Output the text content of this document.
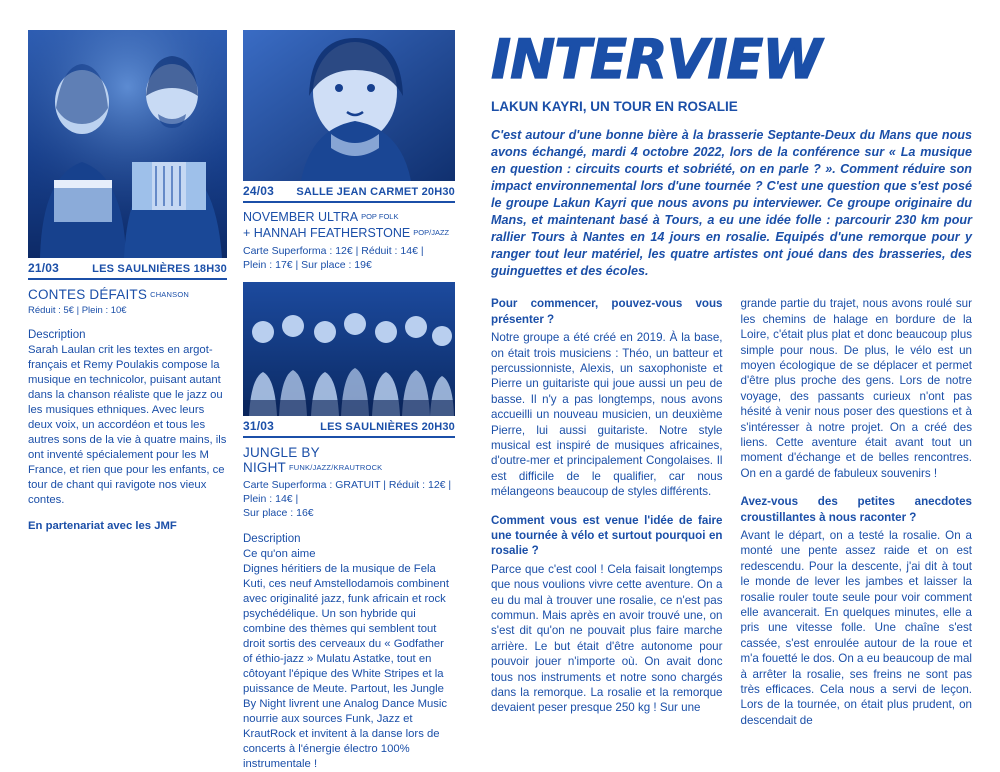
21/03	LES SAULNIÈRES 18H30
CONTES DÉFAITS CHANSON
Réduit : 5€ | Plein : 10€
Description
Sarah Laulan crit les textes en argot-français et Remy Poulakis compose la musique en technicolor, puisant autant dans la chanson réaliste que le jazz ou les musiques ethniques. Avec leurs deux voix, un accordéon et tous les autres sons de la vie à quatre mains, ils ont inventé spécialement pour les M France, et rien que pour les enfants, ce tour de chant qui ravigote nos vieux contes.
En partenariat avec les JMF
24/03 SALLE JEAN CARMET 20H30
NOVEMBER ULTRA POP FOLK
+ HANNAH FEATHERSTONE POP/JAZZ
Carte Superforma : 12€ | Réduit : 14€ |
Plein : 17€ | Sur place : 19€
31/03	LES SAULNIÈRES 20H30
JUNGLE BY NIGHT FUNK/JAZZ/KRAUTROCK
Carte Superforma : GRATUIT | Réduit : 12€ | Plein : 14€ |
Sur place : 16€
Description
Ce qu'on aime
Dignes héritiers de la musique de Fela Kuti, ces neuf Amstellodamois combinent avec originalité jazz, funk africain et rock psychédélique. Un son hybride qui combine des thèmes qui semblent tout droit sortis des cerveaux du « Godfather of éthio-jazz » Mulatu Astatke, tout en côtoyant l'épique des White Stripes et la puissance de Meute. Partout, les Jungle By Night livrent une Analog Dance Music nourrie aux sources Funk, Jazz et KrautRock et invitent à la danse lors de concerts à l'énergie électro 100% instrumentale !
INTERVIEW
LAKUN KAYRI, UN TOUR EN ROSALIE
C'est autour d'une bonne bière à la brasserie Septante-Deux du Mans que nous avons échangé, mardi 4 octobre 2022, lors de la conférence sur « La musique en question : circuits courts et sobriété, on en parle ? ». Comment réduire son impact environnemental lors d'une tournée ? C'est une question que s'est posé le groupe Lakun Kayri que nous avons pu interviewer. Ce groupe originaire du Mans, et maintenant basé à Tours, a eu une idée folle : parcourir 230 km pour rallier Tours à Nantes en 14 jours en rosalie. Equipés d'une remorque pour y ranger tout leur matériel, les quatre artistes ont joué dans des brasseries, des guinguettes et des écoles.
Pour commencer, pouvez-vous vous présenter ?
Notre groupe a été créé en 2019. À la base, on était trois musiciens : Théo, un batteur et percussionniste, Alexis, un saxophoniste et Pierre un guitariste qui joue aussi un peu de basse. Il n'y a pas longtemps, nous avons accueilli un nouveau musicien, un deuxième Pierre, lui aussi guitariste. Notre style musical est inspiré de musiques africaines, d'outre-mer et principalement Congolaises. Il est difficile de le qualifier, car nous mélangeons beaucoup de styles différents.
Comment vous est venue l'idée de faire une tournée à vélo et surtout pourquoi en rosalie ?
Parce que c'est cool ! Cela faisait longtemps que nous voulions vivre cette aventure. On a eu du mal à trouver une rosalie, ce n'est pas commun. Mais après en avoir trouvé une, on s'est dit qu'on ne pouvait plus faire marche arrière. Le but était d'être autonome pour pouvoir jouer n'importe où. On avait donc tous nos instruments et notre sono chargés dans la remorque. La rosalie et la remorque devaient peser presque 250 kg ! Sur une
grande partie du trajet, nous avons roulé sur les chemins de halage en bordure de la Loire, c'était plus plat et donc beaucoup plus simple pour nous. De plus, le vélo est un moyen écologique de se déplacer et permet d'être plus proche des gens. Lors de notre voyage, des passants curieux n'ont pas hésité à venir nous poser des questions et à s'intéresser à notre projet. On a créé des liens. Cette aventure était avant tout un moment d'échange et de belles rencontres. On en a gardé de fabuleux souvenirs !
Avez-vous des petites anecdotes croustillantes à nous raconter ?
Avant le départ, on a testé la rosalie. On a monté une pente assez raide et on est redescendu. Pour la descente, j'ai dit à tout le monde de lever les jambes et laisser la rosalie rouler toute seule pour voir comment elle avancerait. En quelques minutes, elle a pris une vitesse folle. Une chaîne s'est cassée, s'est enroulée autour de la roue et m'a fouetté le dos. On a eu beaucoup de mal à arrêter la rosalie, ses freins ne sont pas très efficaces. Cela nous a servi de leçon. Lors de la tournée, on était plus prudent, on descendait de
